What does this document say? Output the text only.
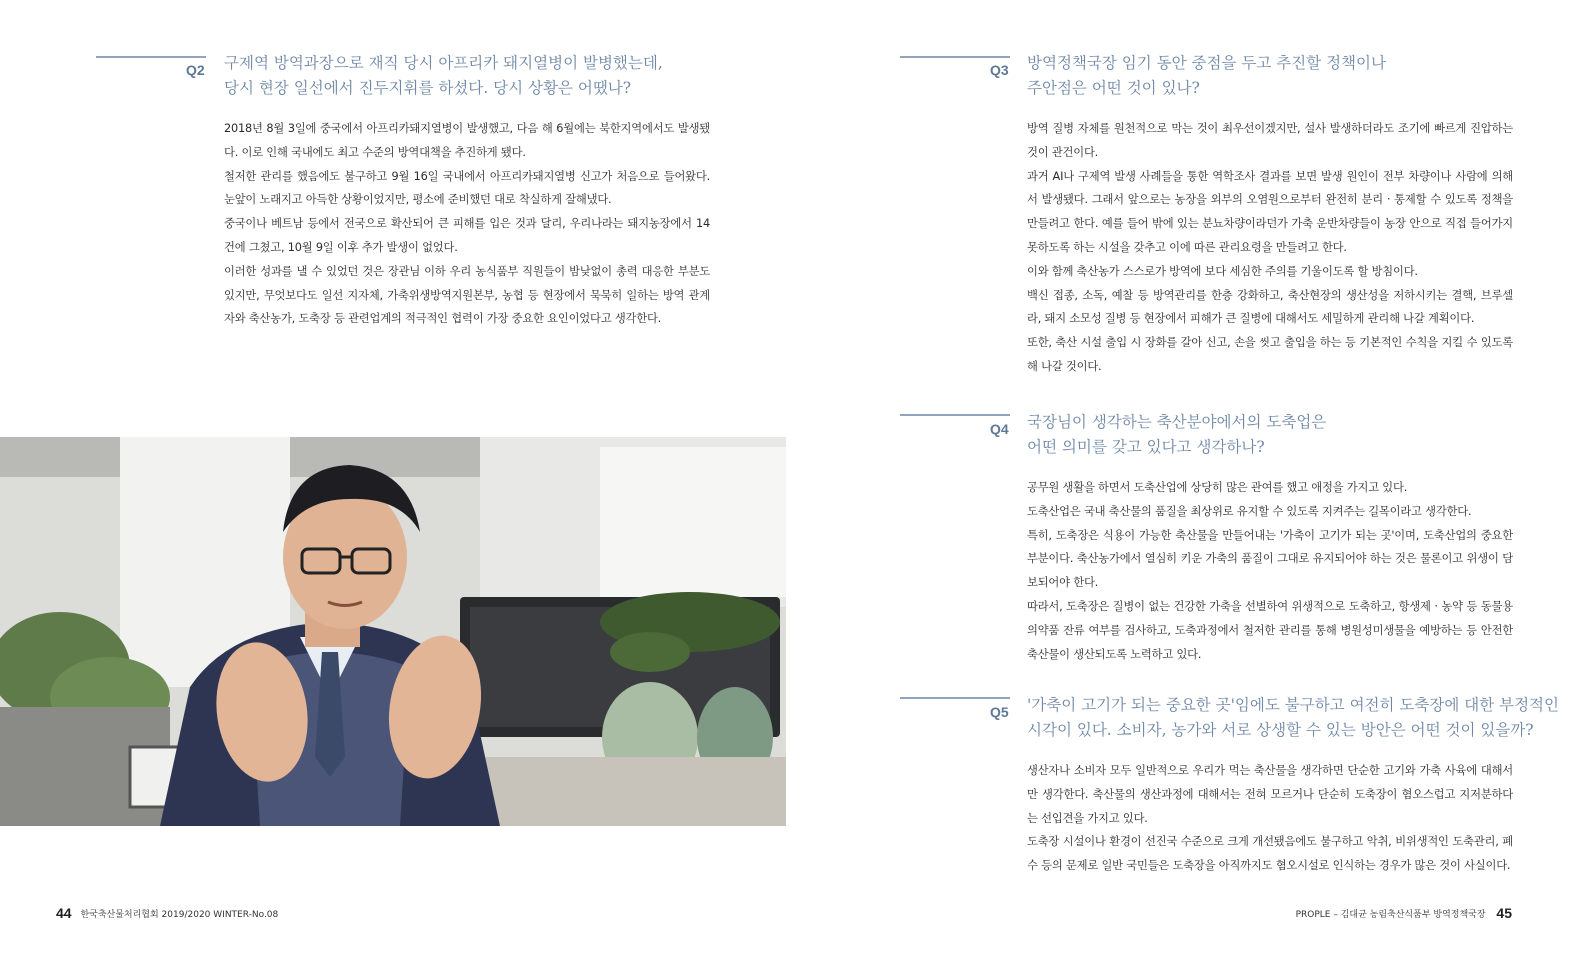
Q2 구제역 방역과장으로 재직 당시 아프리카 돼지열병이 발병했는데,
당시 현장 일선에서 진두지휘를 하셨다. 당시 상황은 어땠나?

2018년 8월 3일에 중국에서 아프리카돼지열병이 발생했고, 다음 해 6월에는 북한지역에서도 발생됐다. 이로 인해 국내에도 최고 수준의 방역대책을 추진하게 됐다.

철저한 관리를 했음에도 불구하고 9월 16일 국내에서 아프리카돼지열병 신고가 처음으로 들어왔다. 눈앞이 노래지고 아득한 상황이었지만, 평소에 준비했던 대로 착실하게 잘해냈다.

중국이나 베트남 등에서 전국으로 확산되어 큰 피해를 입은 것과 달리, 우리나라는 돼지농장에서 14건에 그쳤고, 10월 9일 이후 추가 발생이 없었다.

이러한 성과를 낼 수 있었던 것은 장관님 이하 우리 농식품부 직원들이 밤낮없이 총력 대응한 부분도 있지만, 무엇보다도 일선 지자체, 가축위생방역지원본부, 농협 등 현장에서 묵묵히 일하는 방역 관계자와 축산농가, 도축장 등 관련업계의 적극적인 협력이 가장 중요한 요인이었다고 생각한다.

Q3 방역정책국장 임기 동안 중점을 두고 추진할 정책이나
주안점은 어떤 것이 있나?

방역 질병 자체를 원천적으로 막는 것이 최우선이겠지만, 설사 발생하더라도 조기에 빠르게 진압하는 것이 관건이다.

과거 AI나 구제역 발생 사례들을 통한 역학조사 결과를 보면 발생 원인이 전부 차량이나 사람에 의해서 발생됐다. 그래서 앞으로는 농장을 외부의 오염원으로부터 완전히 분리 · 통제할 수 있도록 정책을 만들려고 한다. 예를 들어 밖에 있는 분뇨차량이라던가 가축 운반차량들이 농장 안으로 직접 들어가지 못하도록 하는 시설을 갖추고 이에 따른 관리요령을 만들려고 한다.

이와 함께 축산농가 스스로가 방역에 보다 세심한 주의를 기울이도록 할 방침이다.

백신 접종, 소독, 예찰 등 방역관리를 한층 강화하고, 축산현장의 생산성을 저하시키는 결핵, 브루셀라, 돼지 소모성 질병 등 현장에서 피해가 큰 질병에 대해서도 세밀하게 관리해 나갈 계획이다.

또한, 축산 시설 출입 시 장화를 갈아 신고, 손을 씻고 출입을 하는 등 기본적인 수칙을 지킬 수 있도록 해 나갈 것이다.

Q4 국장님이 생각하는 축산분야에서의 도축업은
어떤 의미를 갖고 있다고 생각하나?

공무원 생활을 하면서 도축산업에 상당히 많은 관여를 했고 애정을 가지고 있다.

도축산업은 국내 축산물의 품질을 최상위로 유지할 수 있도록 지켜주는 길목이라고 생각한다.

특히, 도축장은 식용이 가능한 축산물을 만들어내는 '가축이 고기가 되는 곳'이며, 도축산업의 중요한 부분이다. 축산농가에서 열심히 키운 가축의 품질이 그대로 유지되어야 하는 것은 물론이고 위생이 담보되어야 한다.

따라서, 도축장은 질병이 없는 건강한 가축을 선별하여 위생적으로 도축하고, 항생제 · 농약 등 동물용의약품 잔류 여부를 검사하고, 도축과정에서 철저한 관리를 통해 병원성미생물을 예방하는 등 안전한 축산물이 생산되도록 노력하고 있다.

Q5 '가축이 고기가 되는 중요한 곳'임에도 불구하고 여전히 도축장에 대한 부정적인
시각이 있다. 소비자, 농가와 서로 상생할 수 있는 방안은 어떤 것이 있을까?

생산자나 소비자 모두 일반적으로 우리가 먹는 축산물을 생각하면 단순한 고기와 가축 사육에 대해서만 생각한다. 축산물의 생산과정에 대해서는 전혀 모르거나 단순히 도축장이 혐오스럽고 지저분하다는 선입견을 가지고 있다.

도축장 시설이나 환경이 선진국 수준으로 크게 개선됐음에도 불구하고 악취, 비위생적인 도축관리, 폐수 등의 문제로 일반 국민들은 도축장을 아직까지도 혐오시설로 인식하는 경우가 많은 것이 사실이다.

44 한국축산물처리협회 2019/2020 WINTER-No.08	PROPLE – 김대균 농림축산식품부 방역정책국장 45
